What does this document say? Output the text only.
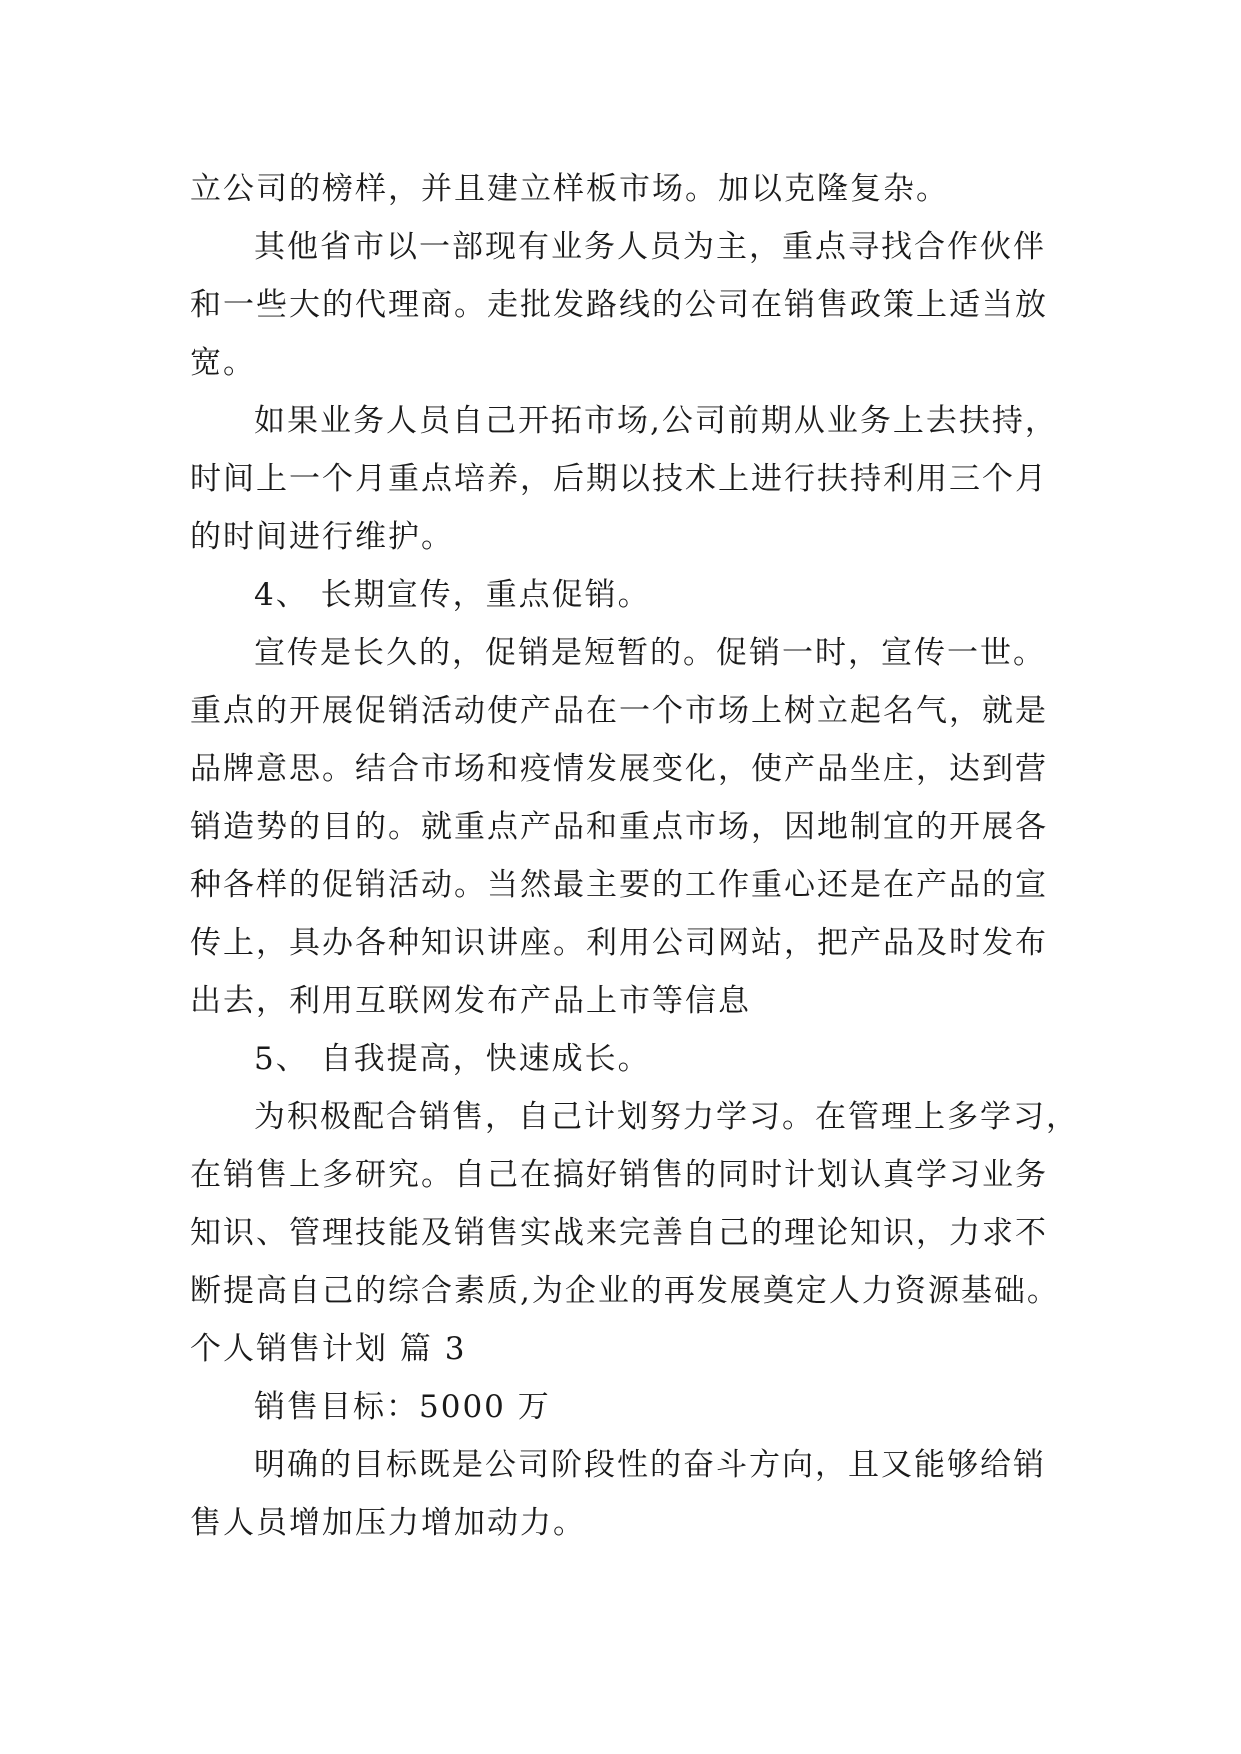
立公司的榜样，并且建立样板市场。加以克隆复杂。
其他省市以一部现有业务人员为主，重点寻找合作伙伴
和一些大的代理商。走批发路线的公司在销售政策上适当放
宽。
如果业务人员自己开拓市场,公司前期从业务上去扶持，
时间上一个月重点培养，后期以技术上进行扶持利用三个月
的时间进行维护。
4、 长期宣传，重点促销。
宣传是长久的，促销是短暂的。促销一时，宣传一世。
重点的开展促销活动使产品在一个市场上树立起名气，就是
品牌意思。结合市场和疫情发展变化，使产品坐庄，达到营
销造势的目的。就重点产品和重点市场，因地制宜的开展各
种各样的促销活动。当然最主要的工作重心还是在产品的宣
传上，具办各种知识讲座。利用公司网站，把产品及时发布
出去，利用互联网发布产品上市等信息
5、 自我提高，快速成长。
为积极配合销售，自己计划努力学习。在管理上多学习，
在销售上多研究。自己在搞好销售的同时计划认真学习业务
知识、管理技能及销售实战来完善自己的理论知识，力求不
断提高自己的综合素质,为企业的再发展奠定人力资源基础。
个人销售计划 篇 3
销售目标：5000 万
明确的目标既是公司阶段性的奋斗方向，且又能够给销
售人员增加压力增加动力。
